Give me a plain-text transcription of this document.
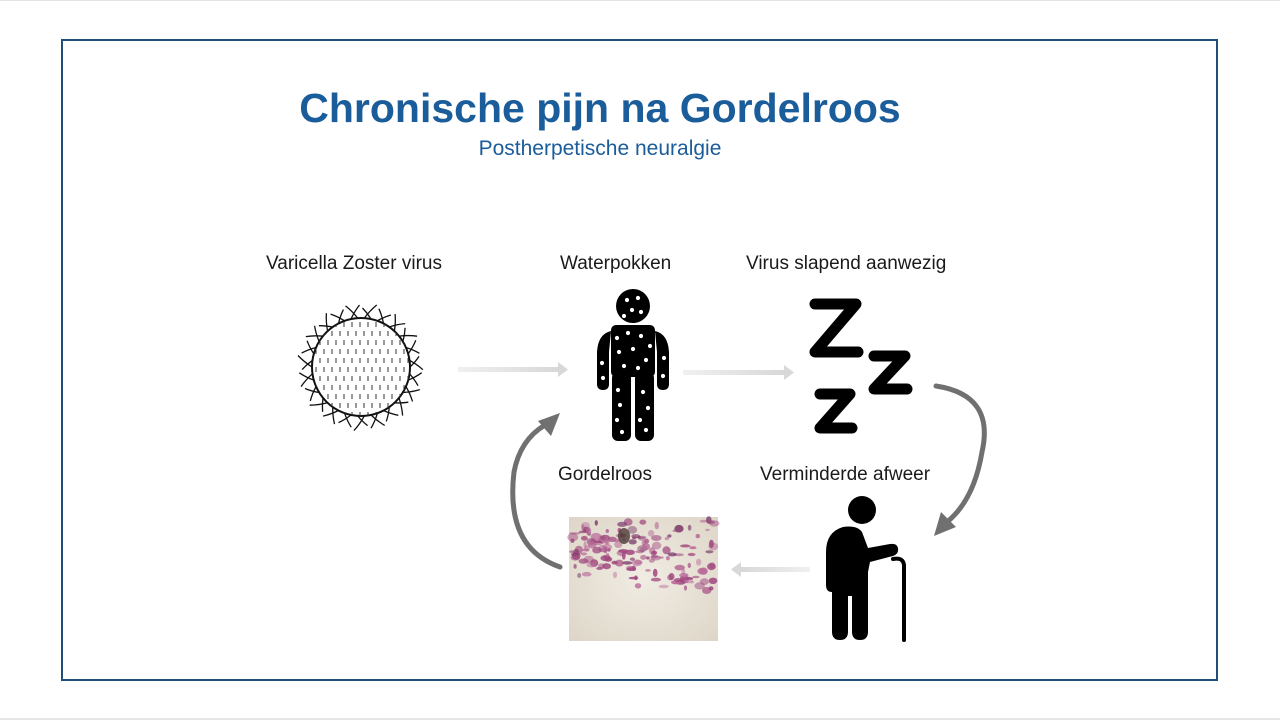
Chronische pijn na Gordelroos
Postherpetische neuralgie
Varicella Zoster virus	Waterpokken	Virus slapend aanwezig
Verminderde afweer
Gordelroos
